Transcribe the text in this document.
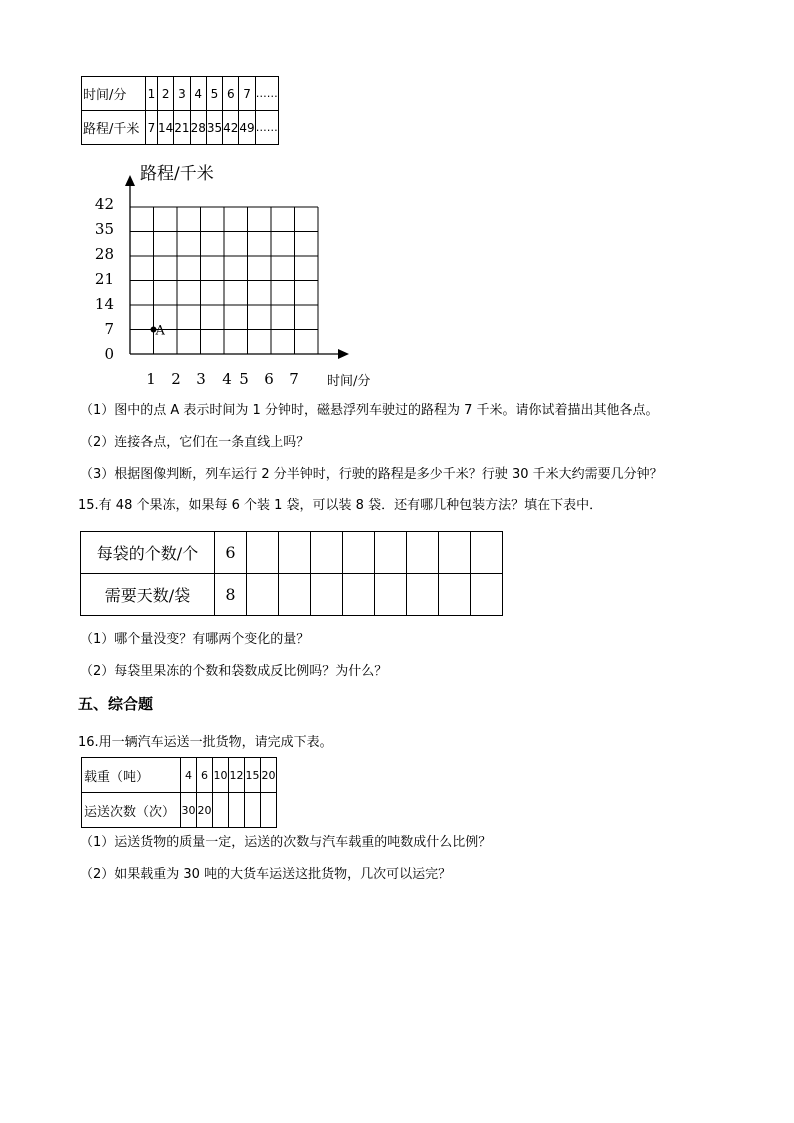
时间/分	1	2	3	4	5	6	7	……
路程/千米	7	14	21	28	35	42	49	……
路程/千米
时间/分
42
35
28
21
14
7
0
1 2 3 4 5 6 7
A
（1）图中的点 A 表示时间为 1 分钟时，磁悬浮列车驶过的路程为 7 千米。请你试着描出其他各点。
（2）连接各点，它们在一条直线上吗？
（3）根据图像判断，列车运行 2 分半钟时，行驶的路程是多少千米？行驶 30 千米大约需要几分钟？
15.有 48 个果冻，如果每 6 个装 1 袋，可以装 8 袋．还有哪几种包装方法？填在下表中．
每袋的个数/个	6								
需要天数/袋	8								
（1）哪个量没变？有哪两个变化的量？
（2）每袋里果冻的个数和袋数成反比例吗？为什么？
五、综合题
16.用一辆汽车运送一批货物，请完成下表。
载重（吨）	4	6	10	12	15	20
运送次数（次）	30	20				
（1）运送货物的质量一定，运送的次数与汽车载重的吨数成什么比例？
（2）如果载重为 30 吨的大货车运送这批货物，几次可以运完？
